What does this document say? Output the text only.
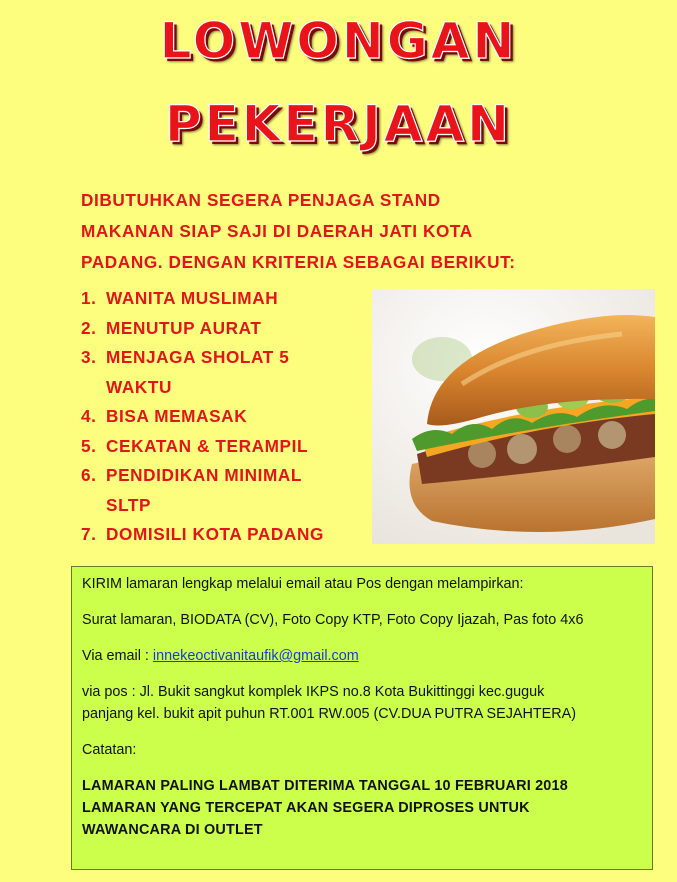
LOWONGAN
PEKERJAAN
DIBUTUHKAN SEGERA PENJAGA STAND
MAKANAN SIAP SAJI DI DAERAH JATI KOTA
PADANG. DENGAN KRITERIA SEBAGAI BERIKUT:
1. WANITA MUSLIMAH
2. MENUTUP AURAT
3. MENJAGA SHOLAT 5 WAKTU
4. BISA MEMASAK
5. CEKATAN & TERAMPIL
6. PENDIDIKAN MINIMAL SLTP
7. DOMISILI KOTA PADANG

KIRIM lamaran lengkap melalui email atau Pos dengan melampirkan:

Surat lamaran, BIODATA (CV), Foto Copy KTP, Foto Copy Ijazah, Pas foto 4x6

Via email : innekeoctivanitaufik@gmail.com

via pos : Jl. Bukit sangkut komplek IKPS no.8 Kota Bukittinggi kec.guguk

panjang kel. bukit apit puhun RT.001 RW.005 (CV.DUA PUTRA SEJAHTERA)

Catatan:

LAMARAN PALING LAMBAT DITERIMA TANGGAL 10 FEBRUARI 2018

LAMARAN YANG TERCEPAT AKAN SEGERA DIPROSES UNTUK

WAWANCARA DI OUTLET
